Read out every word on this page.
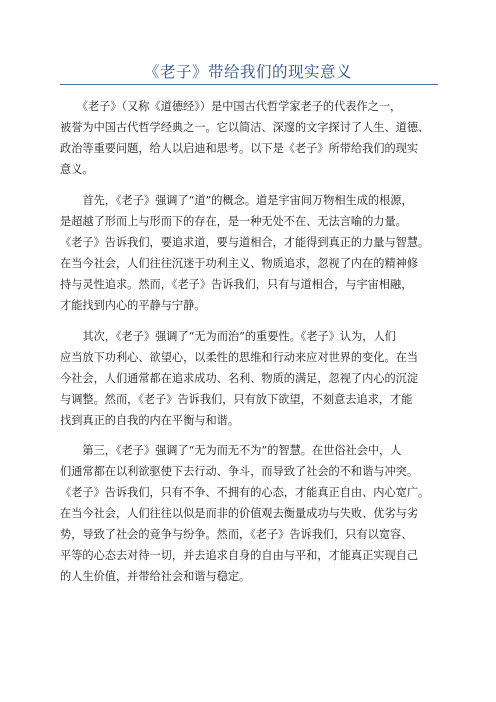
《老子》带给我们的现实意义
　　《老子》（又称《道德经》）是中国古代哲学家老子的代表作之一，
被誉为中国古代哲学经典之一。它以简洁、深邃的文字探讨了人生、道德、
政治等重要问题，给人以启迪和思考。以下是《老子》所带给我们的现实
意义。
　　首先，《老子》强调了“道”的概念。道是宇宙间万物相生成的根源，
是超越了形而上与形而下的存在，是一种无处不在、无法言喻的力量。
《老子》告诉我们，要追求道，要与道相合，才能得到真正的力量与智慧。
在当今社会，人们往往沉迷于功利主义、物质追求，忽视了内在的精神修
持与灵性追求。然而，《老子》告诉我们，只有与道相合，与宇宙相融，
才能找到内心的平静与宁静。
　　其次，《老子》强调了“无为而治”的重要性。《老子》认为，人们
应当放下功利心、欲望心，以柔性的思维和行动来应对世界的变化。在当
今社会，人们通常都在追求成功、名利、物质的满足，忽视了内心的沉淀
与调整。然而，《老子》告诉我们，只有放下欲望，不刻意去追求，才能
找到真正的自我的内在平衡与和谐。
　　第三，《老子》强调了“无为而无不为”的智慧。在世俗社会中，人
们通常都在以利欲驱使下去行动、争斗，而导致了社会的不和谐与冲突。
《老子》告诉我们，只有不争、不拥有的心态，才能真正自由、内心宽广。
在当今社会，人们往往以似是而非的价值观去衡量成功与失败、优劣与劣
势，导致了社会的竞争与纷争。然而，《老子》告诉我们，只有以宽容、
平等的心态去对待一切，并去追求自身的自由与平和，才能真正实现自己
的人生价值，并带给社会和谐与稳定。
